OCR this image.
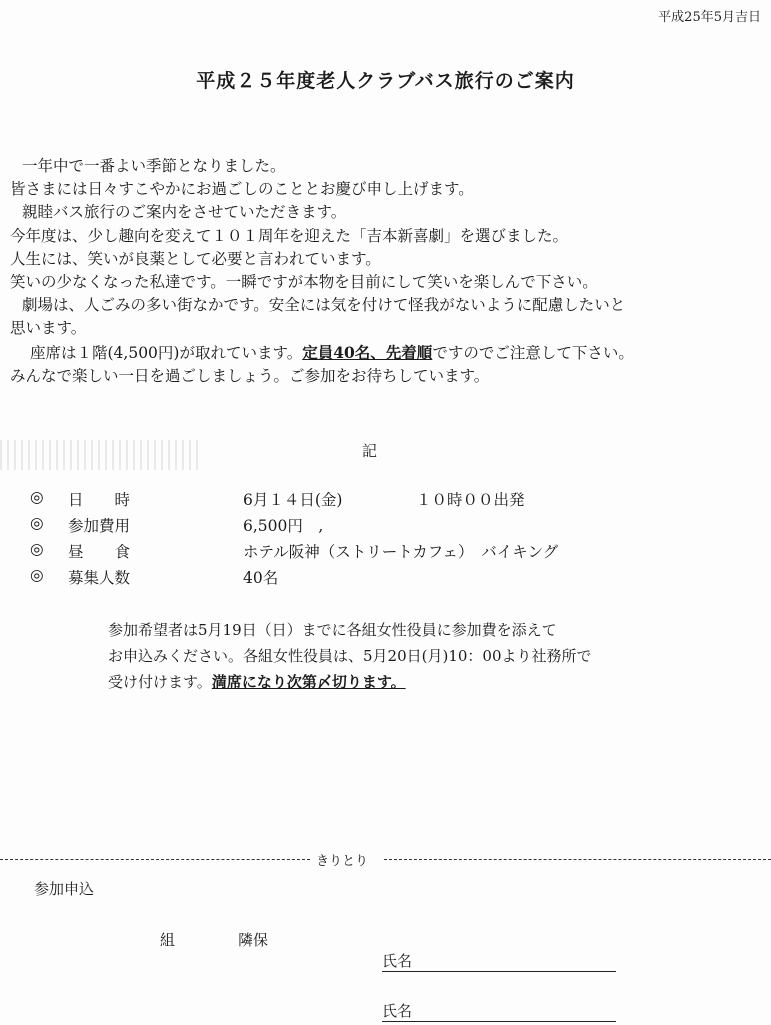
平成25年5月吉日
平成２５年度老人クラブバス旅行のご案内
一年中で一番よい季節となりました。
皆さまには日々すこやかにお過ごしのこととお慶び申し上げます。
親睦バス旅行のご案内をさせていただきます。
今年度は、少し趣向を変えて１０１周年を迎えた「吉本新喜劇」を選びました。
人生には、笑いが良薬として必要と言われています。
笑いの少なくなった私達です。一瞬ですが本物を目前にして笑いを楽しんで下さい。
劇場は、人ごみの多い街なかです。安全には気を付けて怪我がないように配慮したいと
思います。
座席は１階(4,500円)が取れています。定員40名、先着順ですのでご注意して下さい。
みんなで楽しい一日を過ごしましょう。ご参加をお待ちしています。
記
◎ 日　　時	6月１４日(金)	１０時００出発
◎ 参加費用	6,500円　,
◎ 昼　　食	ホテル阪神（ストリートカフェ）　バイキング
◎ 募集人数	40名
参加希望者は5月19日（日）までに各組女性役員に参加費を添えて
お申込みください。各組女性役員は、5月20日(月)10：00より社務所で
受け付けます。満席になり次第〆切ります。
きりとり
参加申込
組	隣保
氏名
氏名
